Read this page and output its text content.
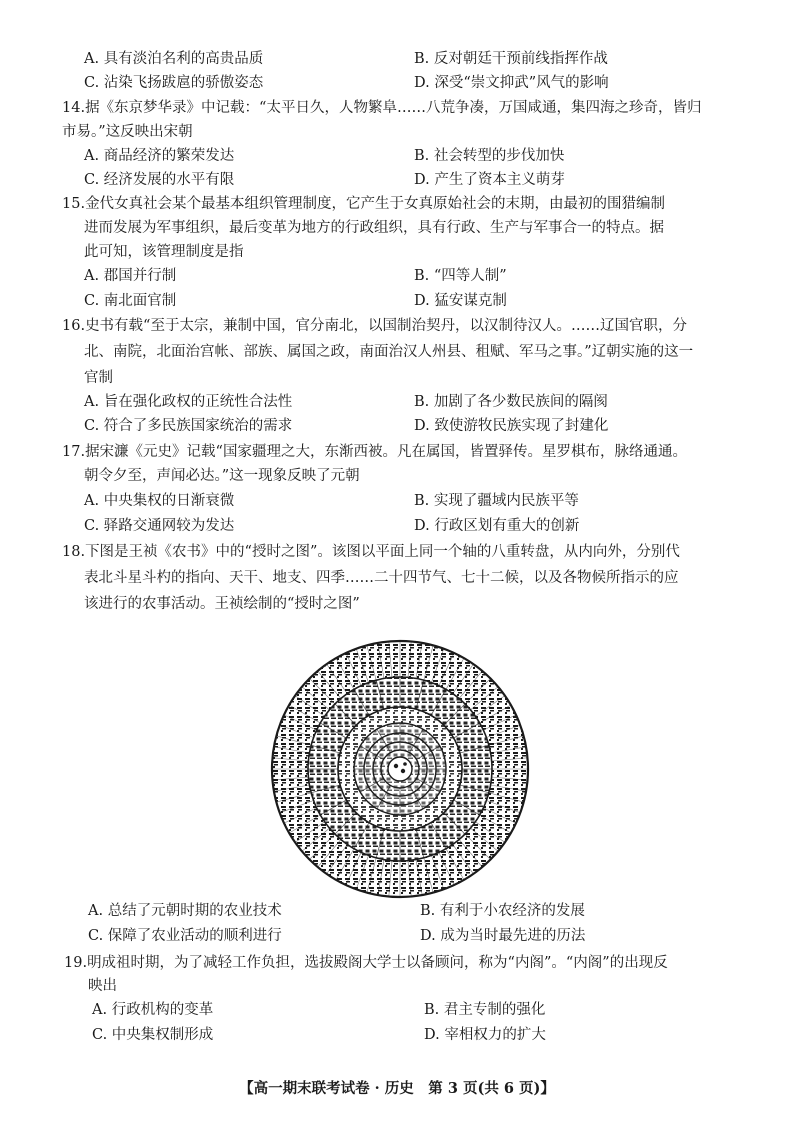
A. 具有淡泊名利的高贵品质	B. 反对朝廷干预前线指挥作战
C. 沾染飞扬跋扈的骄傲姿态	D. 深受“崇文抑武”风气的影响
14.据《东京梦华录》中记载：“太平日久，人物繁阜……八荒争凑，万国咸通，集四海之珍奇，皆归
市易。”这反映出宋朝
A. 商品经济的繁荣发达	B. 社会转型的步伐加快
C. 经济发展的水平有限	D. 产生了资本主义萌芽
15.金代女真社会某个最基本组织管理制度，它产生于女真原始社会的末期，由最初的围猎编制
进而发展为军事组织，最后变革为地方的行政组织，具有行政、生产与军事合一的特点。据
此可知，该管理制度是指
A. 郡国并行制	B. “四等人制”
C. 南北面官制	D. 猛安谋克制
16.史书有载“至于太宗，兼制中国，官分南北，以国制治契丹，以汉制待汉人。……辽国官职，分
北、南院，北面治宫帐、部族、属国之政，南面治汉人州县、租赋、军马之事。”辽朝实施的这一
官制
A. 旨在强化政权的正统性合法性	B. 加剧了各少数民族间的隔阂
C. 符合了多民族国家统治的需求	D. 致使游牧民族实现了封建化
17.据宋濂《元史》记载“国家疆理之大，东渐西被。凡在属国，皆置驿传。星罗棋布，脉络通通。
朝令夕至，声闻必达。”这一现象反映了元朝
A. 中央集权的日渐衰微	B. 实现了疆域内民族平等
C. 驿路交通网较为发达	D. 行政区划有重大的创新
18.下图是王祯《农书》中的“授时之图”。该图以平面上同一个轴的八重转盘，从内向外，分别代
表北斗星斗杓的指向、天干、地支、四季……二十四节气、七十二候，以及各物候所指示的应
该进行的农事活动。王祯绘制的“授时之图”
A. 总结了元朝时期的农业技术	B. 有利于小农经济的发展
C. 保障了农业活动的顺利进行	D. 成为当时最先进的历法
19.明成祖时期，为了减轻工作负担，选拔殿阁大学士以备顾问，称为“内阁”。“内阁”的出现反
映出
A. 行政机构的变革	B. 君主专制的强化
C. 中央集权制形成	D. 宰相权力的扩大
【高一期末联考试卷 · 历史　第 3 页(共 6 页)】
